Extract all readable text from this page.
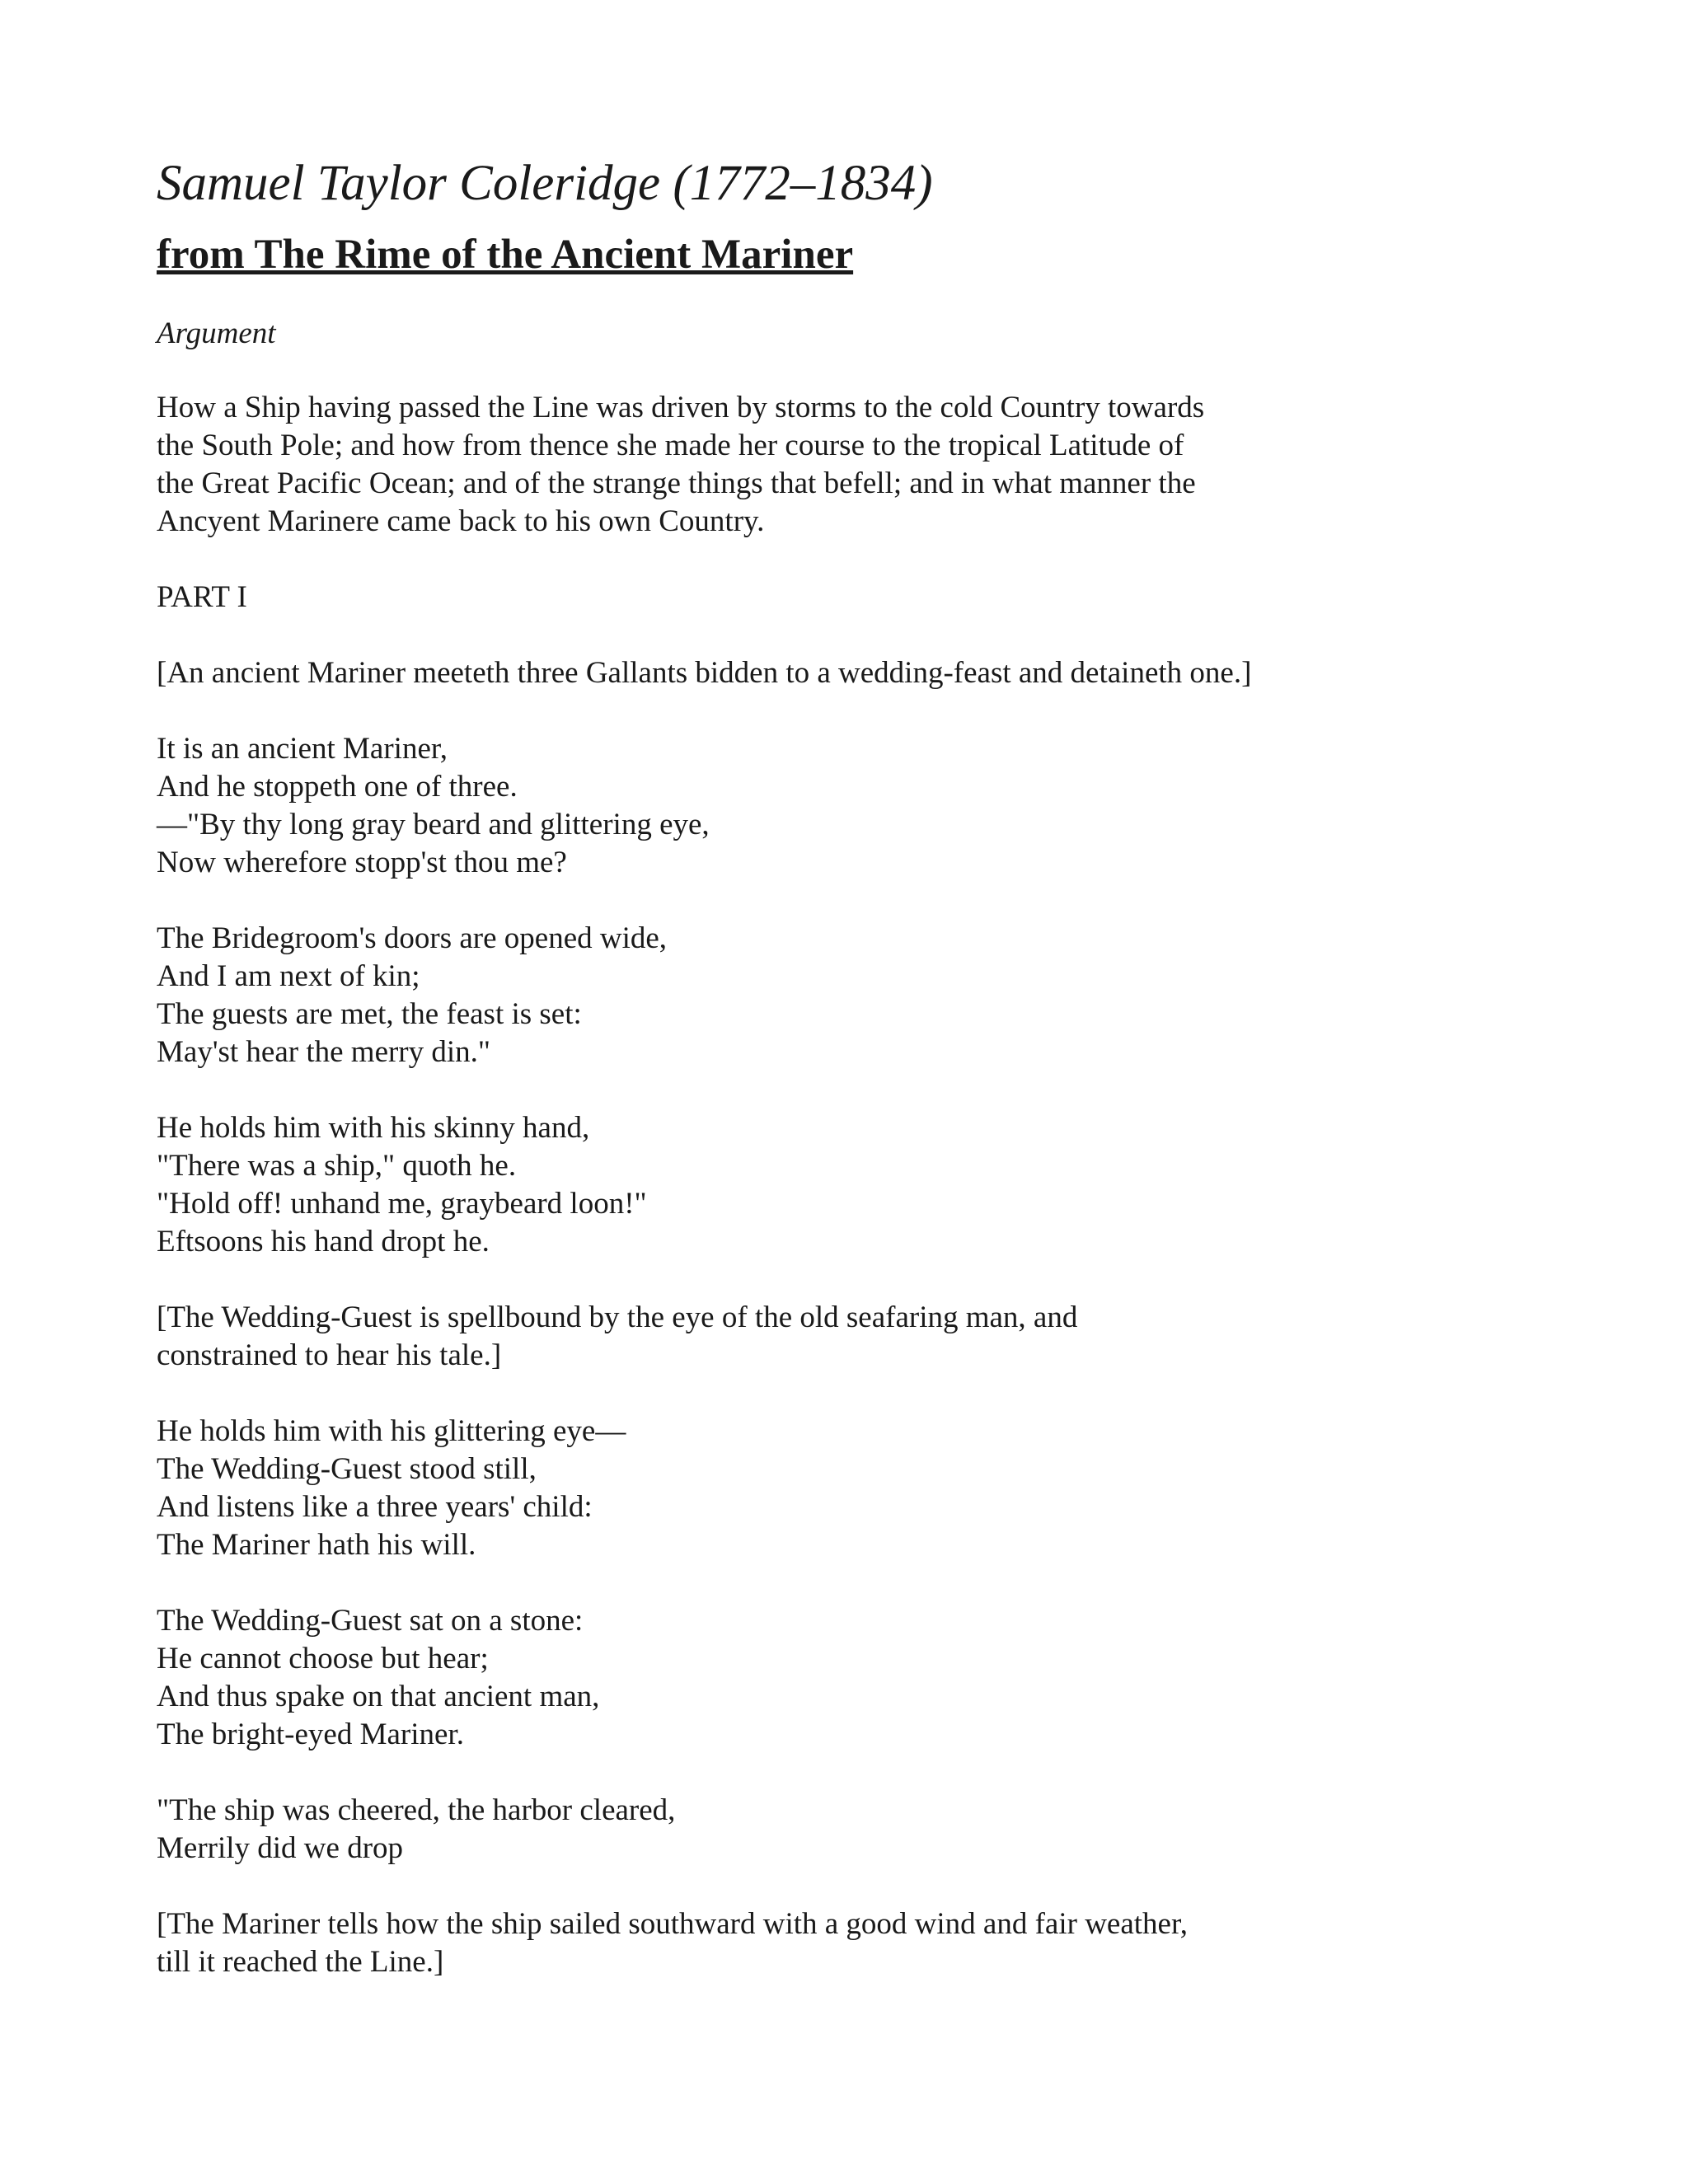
Samuel Taylor Coleridge (1772–1834)
from The Rime of the Ancient Mariner
Argument
How a Ship having passed the Line was driven by storms to the cold Country towards
the South Pole; and how from thence she made her course to the tropical Latitude of
the Great Pacific Ocean; and of the strange things that befell; and in what manner the
Ancyent Marinere came back to his own Country.
PART I
[An ancient Mariner meeteth three Gallants bidden to a wedding-feast and detaineth one.]
It is an ancient Mariner,
And he stoppeth one of three.
—"By thy long gray beard and glittering eye,
Now wherefore stopp'st thou me?
The Bridegroom's doors are opened wide,
And I am next of kin;
The guests are met, the feast is set:
May'st hear the merry din."
He holds him with his skinny hand,
"There was a ship," quoth he.
"Hold off! unhand me, graybeard loon!"
Eftsoons his hand dropt he.
[The Wedding-Guest is spellbound by the eye of the old seafaring man, and
constrained to hear his tale.]
He holds him with his glittering eye—
The Wedding-Guest stood still,
And listens like a three years' child:
The Mariner hath his will.
The Wedding-Guest sat on a stone:
He cannot choose but hear;
And thus spake on that ancient man,
The bright-eyed Mariner.
"The ship was cheered, the harbor cleared,
Merrily did we drop
[The Mariner tells how the ship sailed southward with a good wind and fair weather,
till it reached the Line.]
